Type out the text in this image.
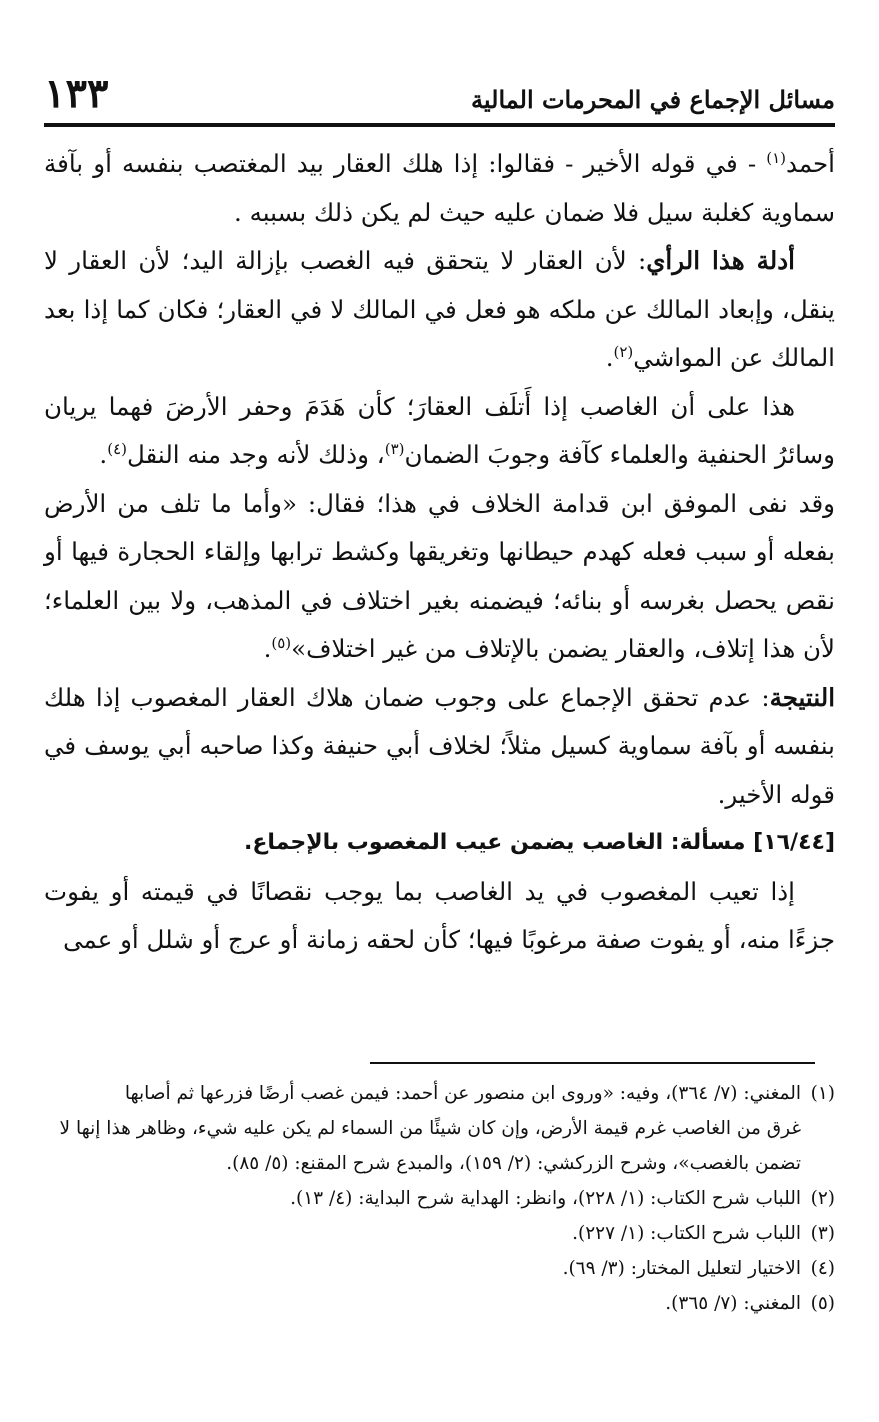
١٣٣	مسائل الإجماع في المحرمات المالية

أحمد$^{(١)}$ - في قوله الأخير - فقالوا: إذا هلك العقار بيد المغتصب بنفسه أو بآفة سماوية كغلبة سيل فلا ضمان عليه حيث لم يكن ذلك بسببه .

أدلة هذا الرأي: لأن العقار لا يتحقق فيه الغصب بإزالة اليد؛ لأن العقار لا ينقل، وإبعاد المالك عن ملكه هو فعل في المالك لا في العقار؛ فكان كما إذا بعد المالك عن المواشي$^{(٢)}$.

هذا على أن الغاصب إذا أَتلَف العقارَ؛ كأن هَدَمَ وحفر الأرضَ فهما يريان وسائرُ الحنفية والعلماء كآفة وجوبَ الضمان$^{(٣)}$، وذلك لأنه وجد منه النقل$^{(٤)}$.

وقد نفى الموفق ابن قدامة الخلاف في هذا؛ فقال: «وأما ما تلف من الأرض بفعله أو سبب فعله كهدم حيطانها وتغريقها وكشط ترابها وإلقاء الحجارة فيها أو نقص يحصل بغرسه أو بنائه؛ فيضمنه بغير اختلاف في المذهب، ولا بين العلماء؛ لأن هذا إتلاف، والعقار يضمن بالإتلاف من غير اختلاف»$^{(٥)}$.

النتيجة: عدم تحقق الإجماع على وجوب ضمان هلاك العقار المغصوب إذا هلك بنفسه أو بآفة سماوية كسيل مثلاً؛ لخلاف أبي حنيفة وكذا صاحبه أبي يوسف في قوله الأخير.

[١٦/٤٤] مسألة: الغاصب يضمن عيب المغصوب بالإجماع.

إذا تعيب المغصوب في يد الغاصب بما يوجب نقصانًا في قيمته أو يفوت جزءًا منه، أو يفوت صفة مرغوبًا فيها؛ كأن لحقه زمانة أو عرج أو شلل أو عمى

(١)المغني: (٧/ ٣٦٤)، وفيه: «وروى ابن منصور عن أحمد: فيمن غصب أرضًا فزرعها ثم أصابها

غرق من الغاصب غرم قيمة الأرض، وإن كان شيئًا من السماء لم يكن عليه شيء، وظاهر هذا إنها لا تضمن بالغصب»، وشرح الزركشي: (٢/ ١٥٩)، والمبدع شرح المقنع: (٥/ ٨٥).

(٢)اللباب شرح الكتاب: (١/ ٢٢٨)، وانظر: الهداية شرح البداية: (٤/ ١٣).

(٣)اللباب شرح الكتاب: (١/ ٢٢٧).

(٤)الاختيار لتعليل المختار: (٣/ ٦٩).

(٥)المغني: (٧/ ٣٦٥).
